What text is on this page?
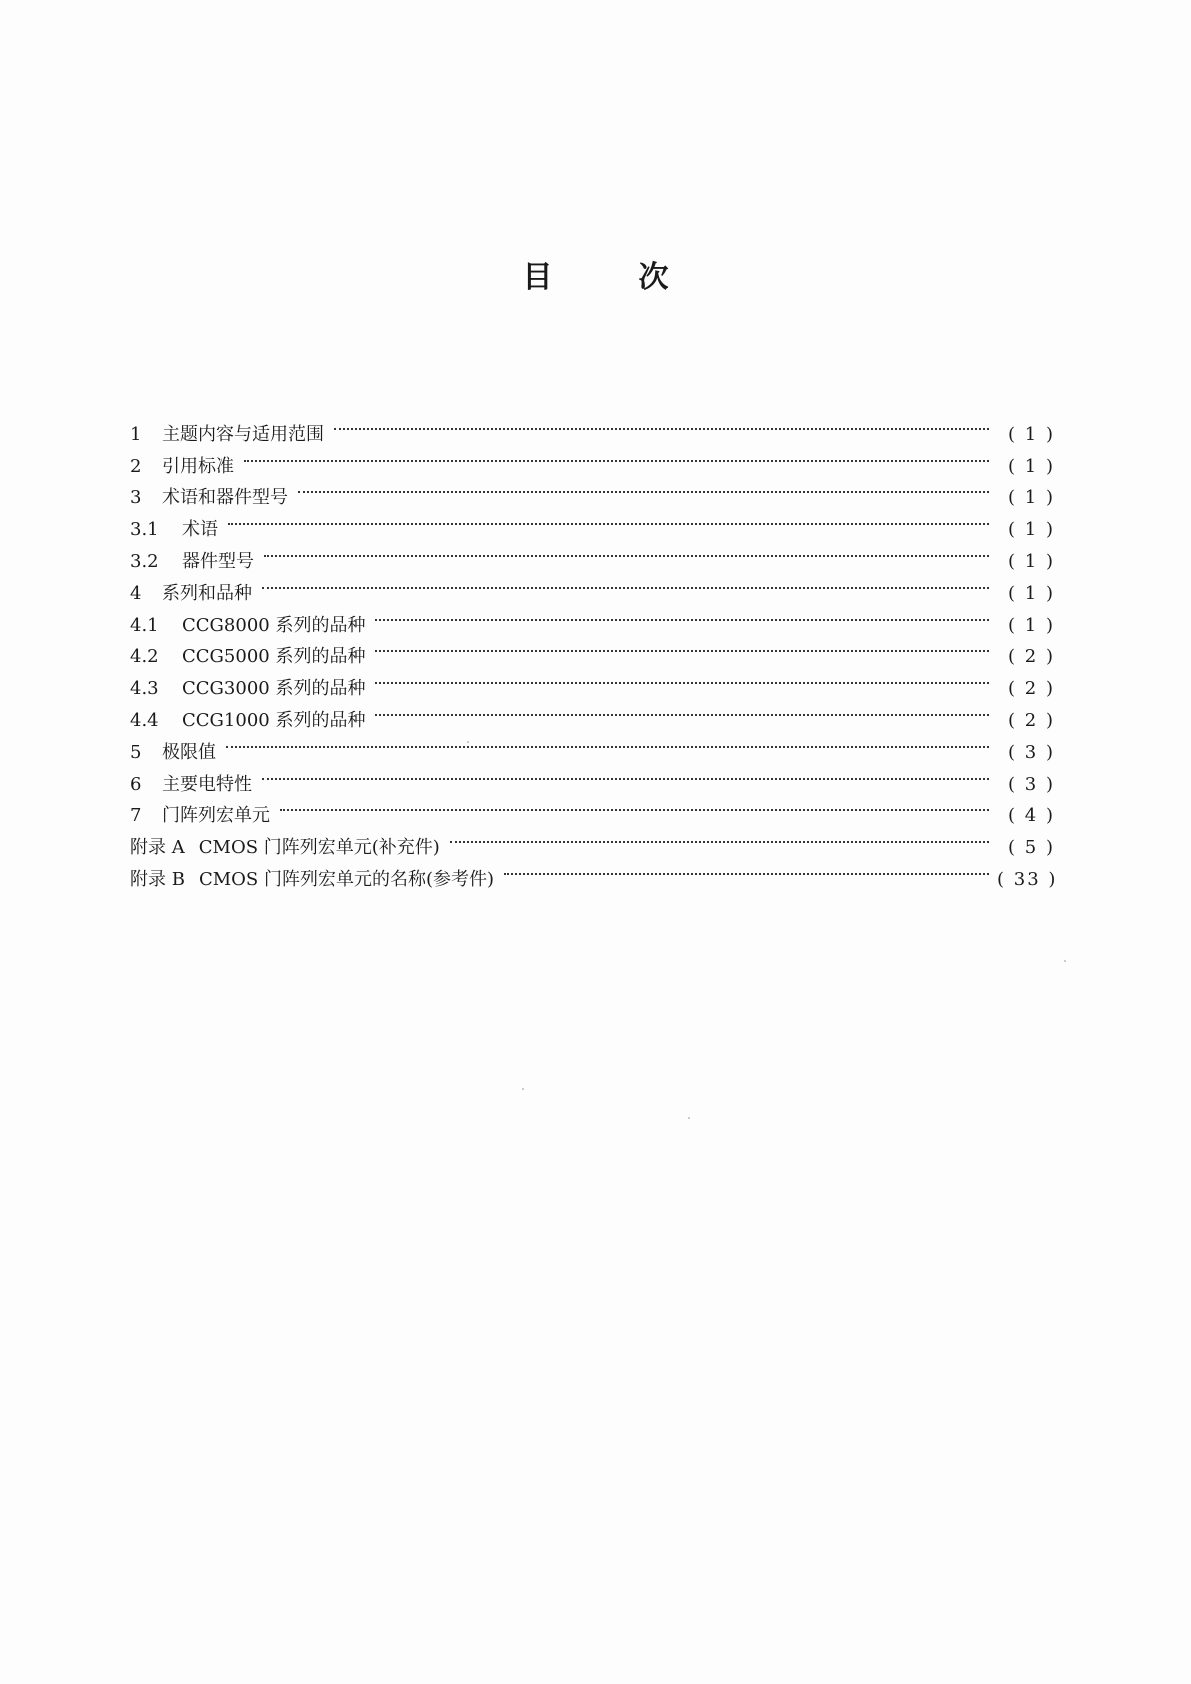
目	次
1	主题内容与适用范围	( 1 )
2	引用标准	( 1 )
3	术语和器件型号	( 1 )
3.1	术语	( 1 )
3.2	器件型号	( 1 )
4	系列和品种	( 1 )
4.1	CCG8000 系列的品种	( 1 )
4.2	CCG5000 系列的品种	( 2 )
4.3	CCG3000 系列的品种	( 2 )
4.4	CCG1000 系列的品种	( 2 )
5	极限值	( 3 )
6	主要电特性	( 3 )
7	门阵列宏单元	( 4 )
附录 A CMOS 门阵列宏单元(补充件)	( 5 )
附录 B CMOS 门阵列宏单元的名称(参考件)	( 33 )
